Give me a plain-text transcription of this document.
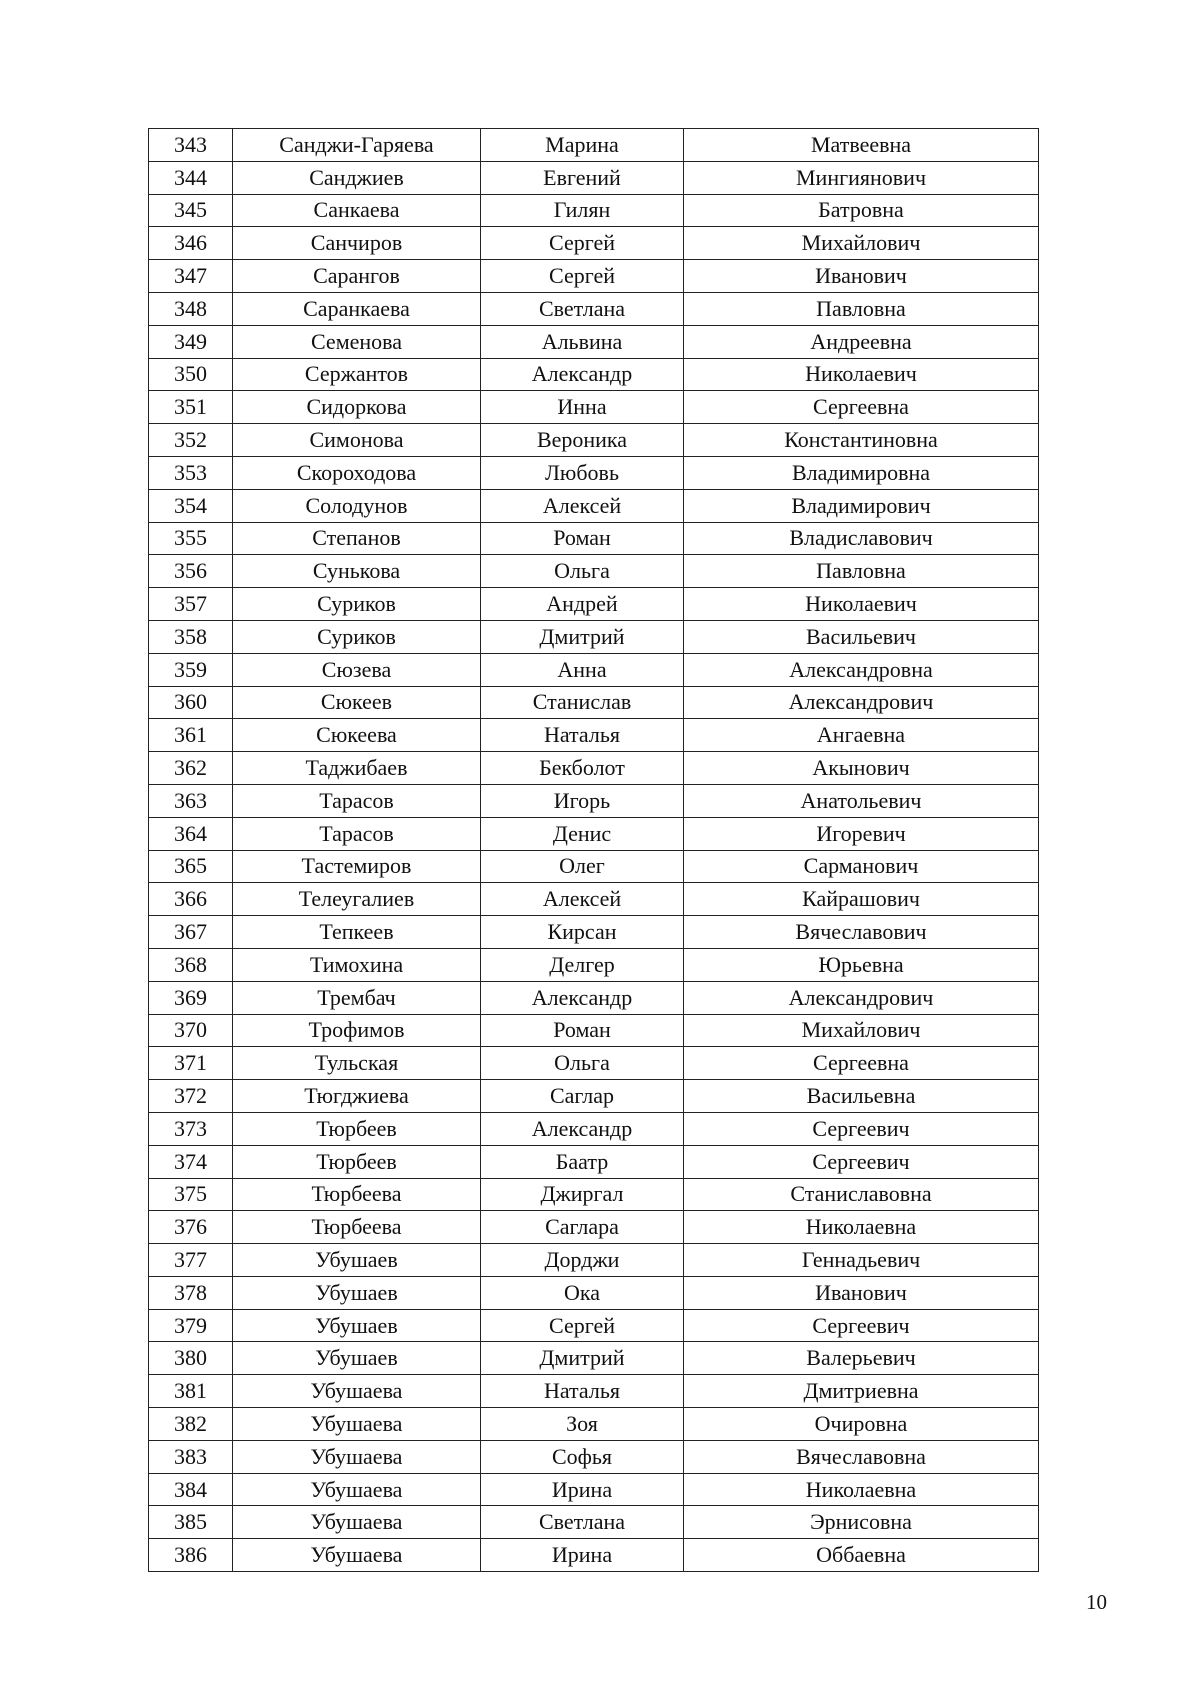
343	Санджи-Гаряева	Марина	Матвеевна
344	Санджиев	Евгений	Мингиянович
345	Санкаева	Гилян	Батровна
346	Санчиров	Сергей	Михайлович
347	Сарангов	Сергей	Иванович
348	Саранкаева	Светлана	Павловна
349	Семенова	Альвина	Андреевна
350	Сержантов	Александр	Николаевич
351	Сидоркова	Инна	Сергеевна
352	Симонова	Вероника	Константиновна
353	Скороходова	Любовь	Владимировна
354	Солодунов	Алексей	Владимирович
355	Степанов	Роман	Владиславович
356	Сунькова	Ольга	Павловна
357	Суриков	Андрей	Николаевич
358	Суриков	Дмитрий	Васильевич
359	Сюзева	Анна	Александровна
360	Сюкеев	Станислав	Александрович
361	Сюкеева	Наталья	Ангаевна
362	Таджибаев	Бекболот	Акынович
363	Тарасов	Игорь	Анатольевич
364	Тарасов	Денис	Игоревич
365	Тастемиров	Олег	Сарманович
366	Телеугалиев	Алексей	Кайрашович
367	Тепкеев	Кирсан	Вячеславович
368	Тимохина	Делгер	Юрьевна
369	Трембач	Александр	Александрович
370	Трофимов	Роман	Михайлович
371	Тульская	Ольга	Сергеевна
372	Тюгджиева	Саглар	Васильевна
373	Тюрбеев	Александр	Сергеевич
374	Тюрбеев	Баатр	Сергеевич
375	Тюрбеева	Джиргал	Станиславовна
376	Тюрбеева	Саглара	Николаевна
377	Убушаев	Дорджи	Геннадьевич
378	Убушаев	Ока	Иванович
379	Убушаев	Сергей	Сергеевич
380	Убушаев	Дмитрий	Валерьевич
381	Убушаева	Наталья	Дмитриевна
382	Убушаева	Зоя	Очировна
383	Убушаева	Софья	Вячеславовна
384	Убушаева	Ирина	Николаевна
385	Убушаева	Светлана	Эрнисовна
386	Убушаева	Ирина	Оббаевна
10
